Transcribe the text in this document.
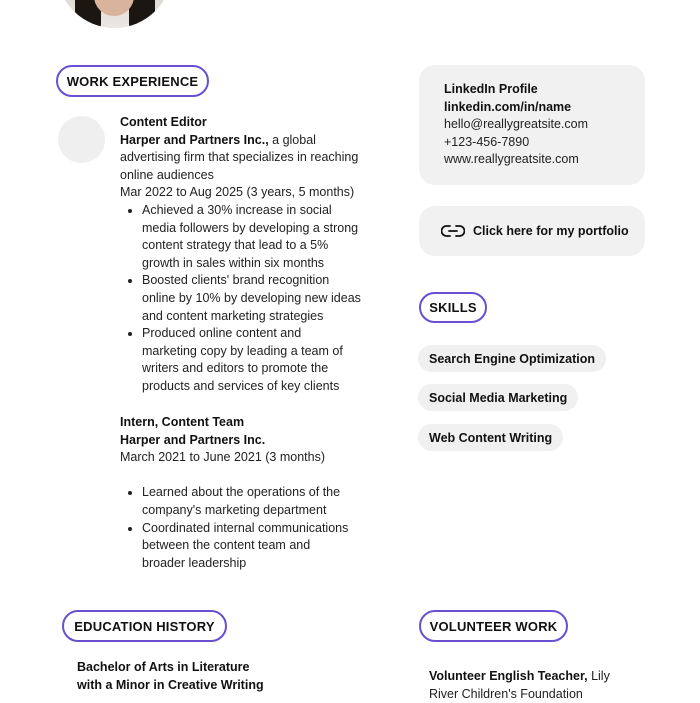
WORK EXPERIENCE
Content Editor
Harper and Partners Inc., a global
advertising firm that specializes in reaching
online audiences
Mar 2022 to Aug 2025 (3 years, 5 months)
• Achieved a 30% increase in social
media followers by developing a strong
content strategy that lead to a 5%
growth in sales within six months
• Boosted clients' brand recognition
online by 10% by developing new ideas
and content marketing strategies
• Produced online content and
marketing copy by leading a team of
writers and editors to promote the
products and services of key clients
Intern, Content Team
Harper and Partners Inc.
March 2021 to June 2021 (3 months)
• Learned about the operations of the
company's marketing department
• Coordinated internal communications
between the content team and
broader leadership
LinkedIn Profile
linkedin.com/in/name
hello@reallygreatsite.com
+123-456-7890
www.reallygreatsite.com
Click here for my portfolio
SKILLS
Search Engine Optimization
Social Media Marketing
Web Content Writing
EDUCATION HISTORY
Bachelor of Arts in Literature
with a Minor in Creative Writing
VOLUNTEER WORK
Volunteer English Teacher, Lily
River Children's Foundation
